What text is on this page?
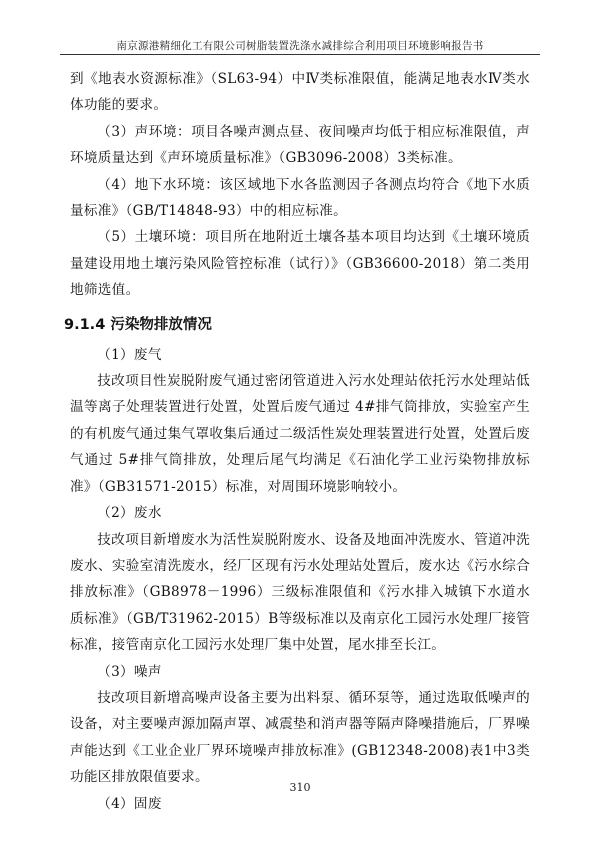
南京源港精细化工有限公司树脂装置洗涤水减排综合利用项目环境影响报告书

到《地表水资源标准》（SL63-94）中Ⅳ类标准限值，能满足地表水Ⅳ类水体功能的要求。

（3）声环境：项目各噪声测点昼、夜间噪声均低于相应标准限值，声环境质量达到《声环境质量标准》（GB3096-2008）3类标准。

（4）地下水环境：该区域地下水各监测因子各测点均符合《地下水质量标准》（GB/T14848-93）中的相应标准。

（5）土壤环境：项目所在地附近土壤各基本项目均达到《土壤环境质量建设用地土壤污染风险管控标准（试行）》（GB36600-2018）第二类用地筛选值。

9.1.4 污染物排放情况

（1）废气

技改项目性炭脱附废气通过密闭管道进入污水处理站依托污水处理站低温等离子处理装置进行处置，处置后废气通过 4#排气筒排放，实验室产生的有机废气通过集气罩收集后通过二级活性炭处理装置进行处置，处置后废气通过 5#排气筒排放，处理后尾气均满足《石油化学工业污染物排放标准》（GB31571-2015）标准，对周围环境影响较小。

（2）废水

技改项目新增废水为活性炭脱附废水、设备及地面冲洗废水、管道冲洗废水、实验室清洗废水，经厂区现有污水处理站处置后，废水达《污水综合排放标准》（GB8978－1996）三级标准限值和《污水排入城镇下水道水质标准》（GB/T31962-2015）B等级标准以及南京化工园污水处理厂接管标准，接管南京化工园污水处理厂集中处置，尾水排至长江。

（3）噪声

技改项目新增高噪声设备主要为出料泵、循环泵等，通过选取低噪声的设备，对主要噪声源加隔声罩、减震垫和消声器等隔声降噪措施后，厂界噪声能达到《工业企业厂界环境噪声排放标准》(GB12348-2008)表1中3类功能区排放限值要求。

（4）固废

310
